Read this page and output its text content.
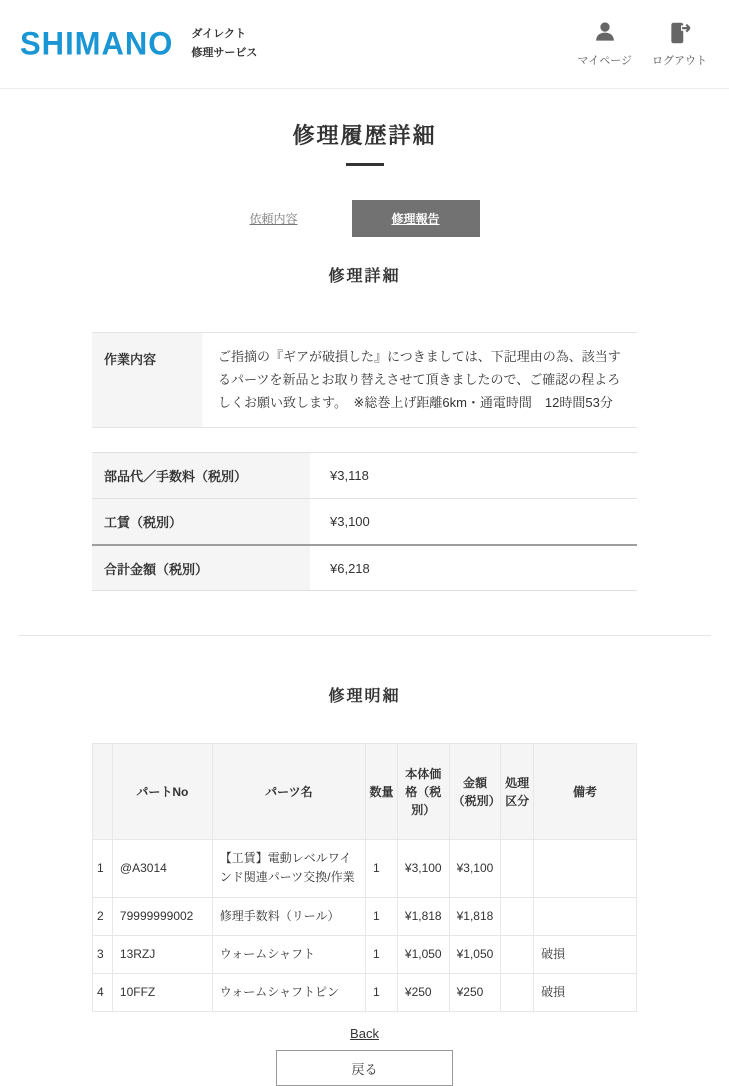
SHIMANO ダイレクト
修理サービス
マイページ ログアウト
修理履歴詳細
依頼内容	修理報告
修理詳細
作業内容	ご指摘の『ギアが破損した』につきましては、下記理由の為、該当するパーツを新品とお取り替えさせて頂きましたので、ご確認の程よろしくお願い致します。　※総巻上げ距離6km・通電時間　12時間53分
部品代／手数料（税別）	¥3,118
工賃（税別）	¥3,100
合計金額（税別）	¥6,218
修理明細
	パートNo	パーツ名	数量	本体価格（税別）	金額（税別）	処理区分	備考
1	@A3014	【工賃】電動レベルワインド関連パーツ交換/作業	1	¥3,100	¥3,100		
2	79999999002	修理手数料（リール）	1	¥1,818	¥1,818		
3	13RZJ	ウォームシャフト	1	¥1,050	¥1,050		破損
4	10FFZ	ウォームシャフトピン	1	¥250	¥250		破損
Back
戻る
